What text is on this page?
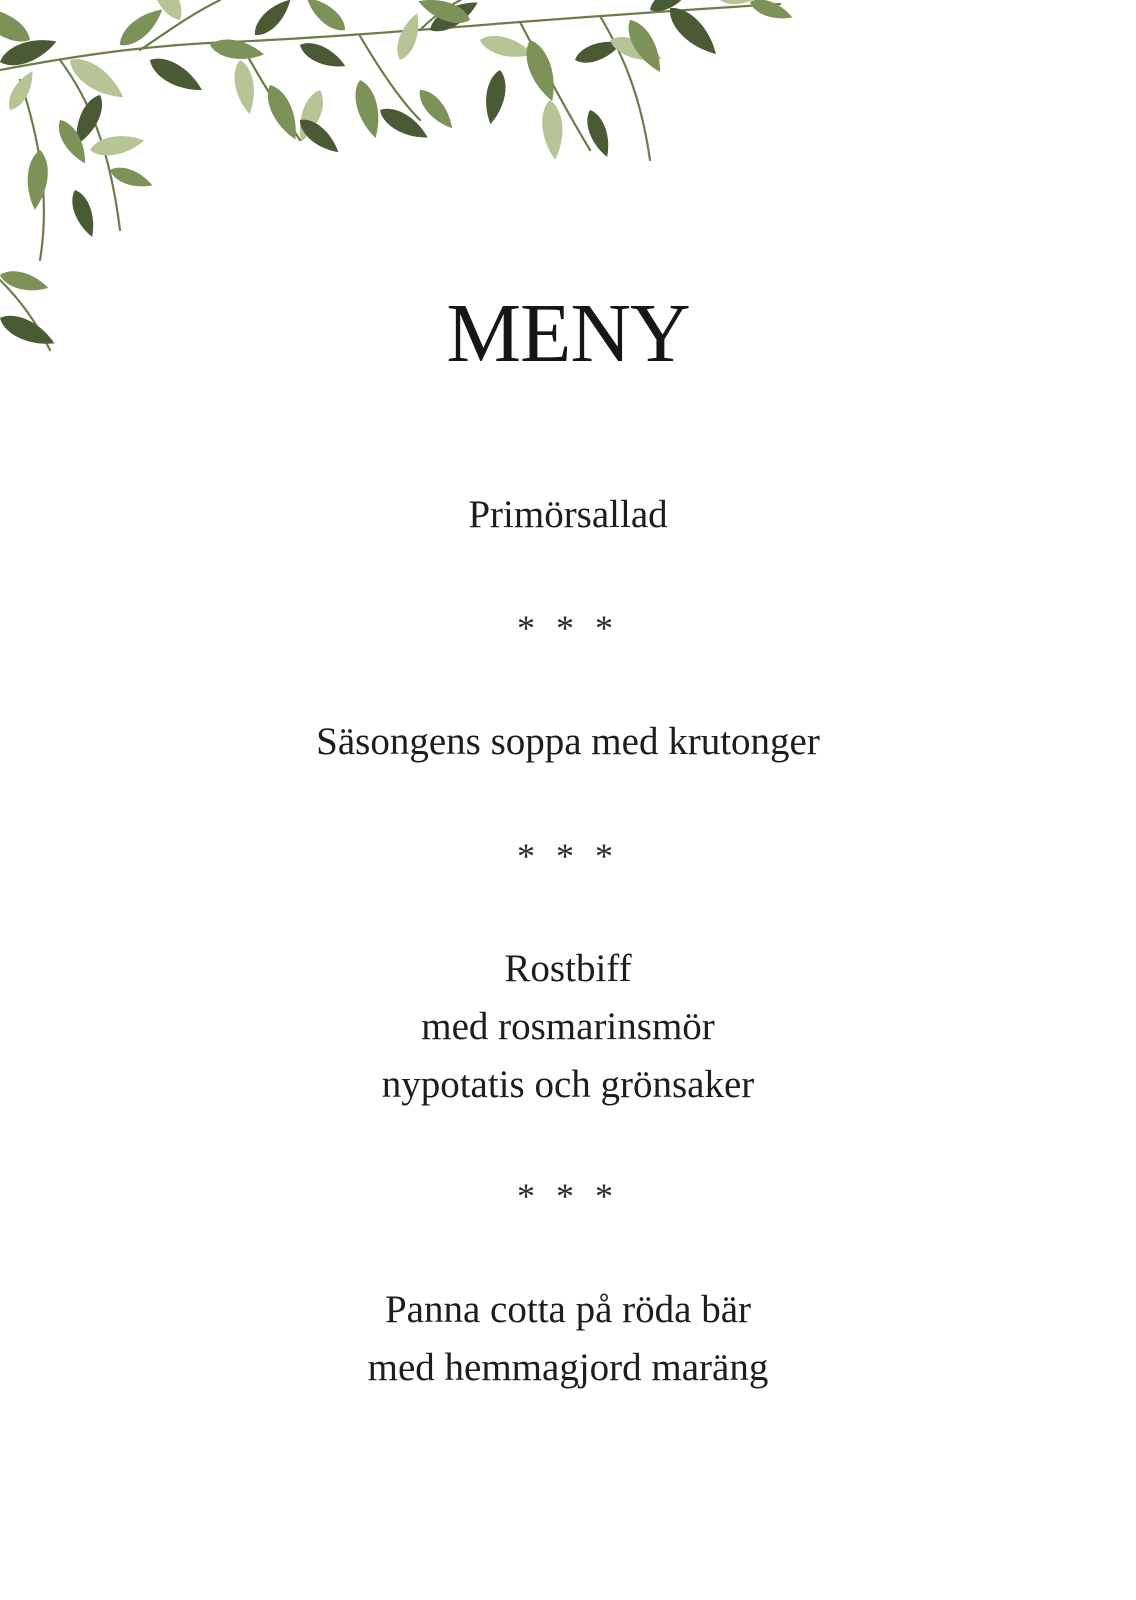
MENY
Primörsallad
* * *
Säsongens soppa med krutonger
* * *
Rostbiff
med rosmarinsmör
nypotatis och grönsaker
* * *
Panna cotta på röda bär
med hemmagjord maräng
